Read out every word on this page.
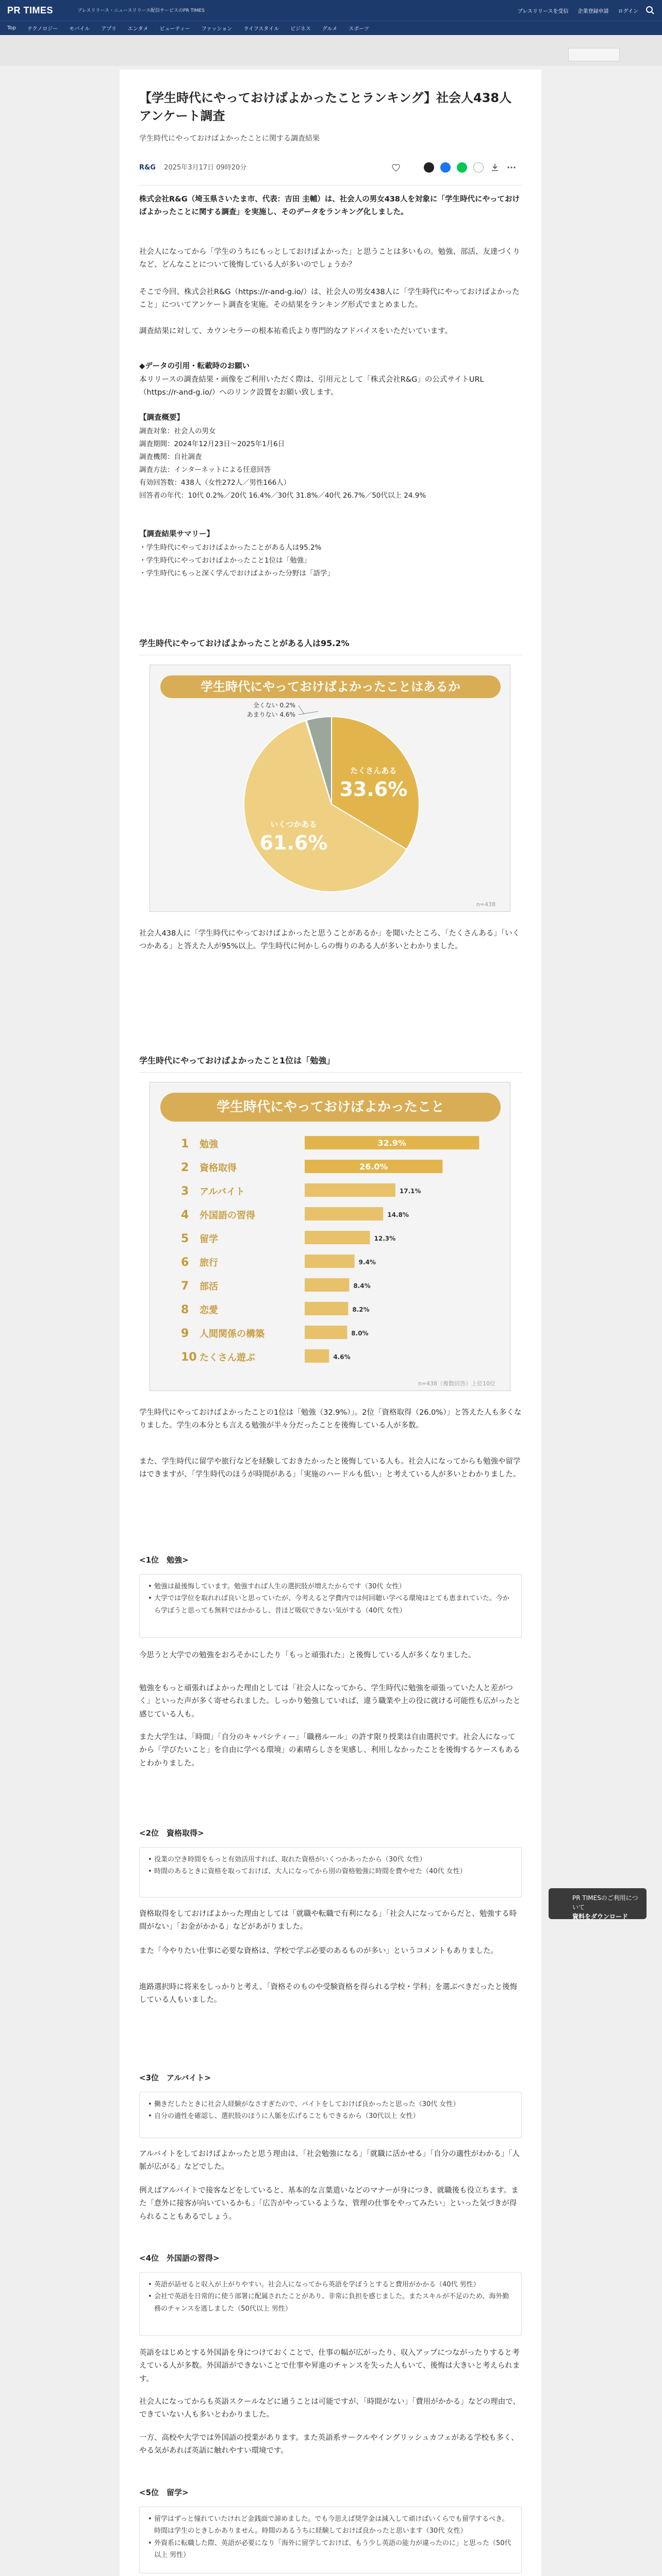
PR TIMES	プレスリリース・ニュースリリース配信サービスのPR TIMES	プレスリリースを受信 企業登録申請 ログイン
Top テクノロジー モバイル アプリ エンタメ ビューティー ファッション ライフスタイル ビジネス グルメ スポーツ
【学生時代にやっておけばよかったことランキング】社会人438人アンケート調査
学生時代にやっておけばよかったことに関する調査結果
R&G 2025年3月17日 09時20分

株式会社R&G（埼玉県さいたま市、代表：吉田 圭輔）は、社会人の男女438人を対象に「学生時代にやっておけばよかったことに関する調査」を実施し、そのデータをランキング化しました。

社会人になってから「学生のうちにもっとしておけばよかった」と思うことは多いもの。勉強、部活、友達づくりなど、どんなことについて後悔している人が多いのでしょうか？

そこで今回、株式会社R&G（https://r-and-g.io/）は、社会人の男女438人に「学生時代にやっておけばよかったこと」についてアンケート調査を実施。その結果をランキング形式でまとめました。

調査結果に対して、カウンセラーの根本祐希氏より専門的なアドバイスをいただいています。

◆データの引用・転載時のお願い

本リリースの調査結果・画像をご利用いただく際は、引用元として「株式会社R&G」の公式サイトURL（https://r-and-g.io/）へのリンク設置をお願い致します。

【調査概要】

調査対象：社会人の男女
調査期間：2024年12月23日〜2025年1月6日
調査機関：自社調査
調査方法：インターネットによる任意回答
有効回答数：438人（女性272人／男性166人）
回答者の年代：10代 0.2%／20代 16.4%／30代 31.8%／40代 26.7%／50代以上 24.9%

【調査結果サマリー】

・学生時代にやっておけばよかったことがある人は95.2%
・学生時代にやっておけばよかったこと1位は「勉強」
・学生時代にもっと深く学んでおけばよかった分野は「語学」
学生時代にやっておけばよかったことがある人は95.2%
学生時代にやっておけばよかったことはあるか
たくさんある
33.6%
いくつかある
61.6%
全くない 0.2%
あまりない 4.6%
n=438

社会人438人に「学生時代にやっておけばよかったと思うことがあるか」を聞いたところ、「たくさんある」「いくつかある」と答えた人が95%以上。学生時代に何かしらの悔りのある人が多いとわかりました。

学生時代にやっておけばよかったこと1位は「勉強」
学生時代にやっておけばよかったこと
1 勉強	32.9%
2 資格取得	26.0%
3 アルバイト	17.1%
4 外国語の習得	14.8%
5 留学	12.3%
6 旅行	9.4%
7 部活	8.4%
8 恋愛	8.2%
9 人間関係の構築	8.0%
10 たくさん遊ぶ	4.6%
n=438（複数回答）上位10位

学生時代にやっておけばよかったことの1位は「勉強（32.9%）」。2位「資格取得（26.0%）」と答えた人も多くなりました。学生の本分とも言える勉強が半々分だったことを後悔している人が多数。

また、学生時代に留学や旅行などを経験しておきたかったと後悔している人も。社会人になってからも勉強や留学はできますが、「学生時代のほうが時間がある」「実施のハードルも低い」と考えている人が多いとわかりました。

<1位　勉強>
• 勉強は最後悔しています。勉強すれば人生の選択肢が増えたからです（30代 女性）
• 大学では学位を取れれば良いと思っていたが、今考えると学費内では何回聴い学べる環境はとても恵まれていた。今から学ぼうと思っても無料ではかかるし、昔ほど吸収できない気がする（40代 女性）

今思うと大学での勉強をおろそかにしたり「もっと頑張れた」と後悔している人が多くなりました。

勉強をもっと頑張ればよかった理由としては「社会人になってから、学生時代に勉強を頑張っていた人と差がつく」といった声が多く寄せられました。しっかり勉強していれば、違う職業や上の役に就ける可能性も広がったと感じている人も。

また大学生は、「時間」「自分のキャパシティー」「職務ルール」の許す限り授業は自由選択です。社会人になってから「学びたいこと」を自由に学べる環境」の素晴らしさを実感し、利用しなかったことを後悔するケースもあるとわかりました。

<2位　資格取得>
• 役業の空き時間をもっと有効活用すれば、取れた資格がいくつかあったから（30代 女性）
• 時間のあるときに資格を取っておけば、大人になってから別の資格勉強に時間を費やせた（40代 女性）

資格取得をしておけばよかった理由としては「就職や転職で有利になる」「社会人になってからだと、勉強する時間がない」「お金がかかる」などがあがりました。

また「今やりたい仕事に必要な資格は、学校で学ぶ必要のあるものが多い」というコメントもありました。

進路選択時に将来をしっかりと考え、「資格そのものや受験資格を得られる学校・学科」を選ぶべきだったと後悔している人もいました。

<3位　アルバイト>
• 働きだしたときに社会人経験がなさすぎたので、バイトをしておけば良かったと思った（30代 女性）
• 自分の適性を確認し、選択肢のほうに人脈を広げることもできるから（30代以上 女性）

アルバイトをしておけばよかったと思う理由は、「社会勉強になる」「就職に活かせる」「自分の適性がわかる」「人脈が広がる」などでした。

例えばアルバイトで接客などをしていると、基本的な言葉遣いなどのマナーが身につき、就職後も役立ちます。また「意外に接客が向いているかも」「広告がやっているような、管理の仕事をやってみたい」といった気づきが得られることもあるでしょう。

<4位　外国語の習得>
• 英語が話せると収入が上がりやすい。社会人になってから英語を学ぼうとすると費用がかかる（40代 男性）
• 会社で英語を日常的に使う部署に配属されたことがあり、非常に負担を感じました。またスキルが不足のため、海外勤務のチャンスを逃しました（50代以上 男性）

英語をはじめとする外国語を身につけておくことで、仕事の幅が広がったり、収入アップにつながったりすると考えている人が多数。外国語ができないことで仕事や昇進のチャンスを失った人もいて、後悔は大きいと考えられます。

社会人になってからも英語スクールなどに通うことは可能ですが、「時間がない」「費用がかかる」などの理由で、できていない人も多いとわかりました。

一方、高校や大学では外国語の授業があります。また英語系サークルやイングリッシュカフェがある学校も多く、やる気があれば英語に触れやすい環境です。

<5位　留学>
• 留学はずっと憧れていたけれど金銭面で諦めました。でも今思えば奨学金は減入して頑けばいくらでも留学するべき。時間は学生のときしかありません。時間のあるうちに経験しておけば良かったと思います（30代 女性）
• 外資系に転職した際、英語が必要になり「海外に留学しておけば、もう少し英語の能力が違ったのに」と思った（50代以上 男性）

PR TIMESのご利用について
資料をダウンロード
